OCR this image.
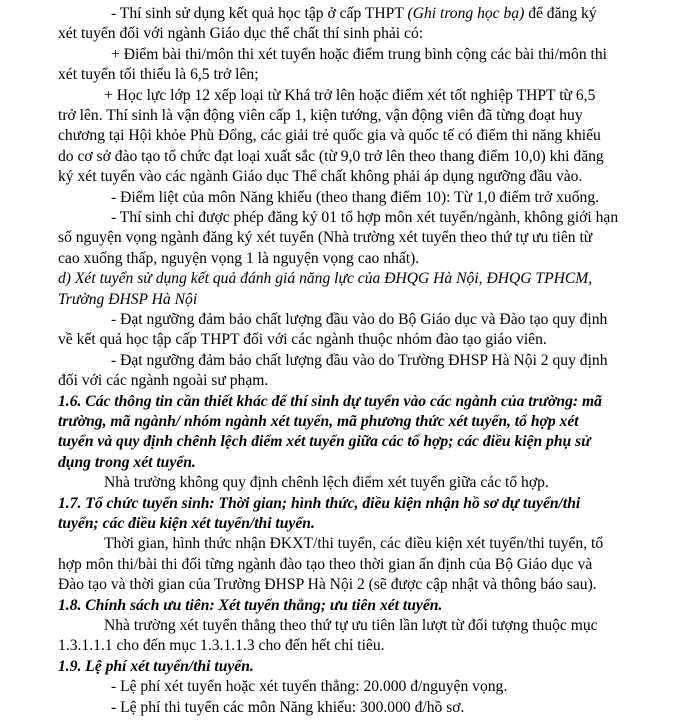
- Thí sinh sử dụng kết quả học tập ở cấp THPT (Ghi trong học bạ) để đăng ký
xét tuyển đối với ngành Giáo dục thể chất thí sinh phải có:
+ Điểm bài thi/môn thi xét tuyển hoặc điểm trung bình cộng các bài thi/môn thi
xét tuyển tối thiểu là 6,5 trở lên;
+ Học lực lớp 12 xếp loại từ Khá trở lên hoặc điểm xét tốt nghiệp THPT từ 6,5
trở lên. Thí sinh là vận động viên cấp 1, kiện tướng, vận động viên đã từng đoạt huy
chương tại Hội khỏe Phù Đổng, các giải trẻ quốc gia và quốc tế có điểm thi năng khiếu
do cơ sở đào tạo tổ chức đạt loại xuất sắc (từ 9,0 trở lên theo thang điểm 10,0) khi đăng
ký xét tuyển vào các ngành Giáo dục Thể chất không phải áp dụng ngưỡng đầu vào.
- Điểm liệt của môn Năng khiếu (theo thang điểm 10): Từ 1,0 điểm trở xuống.
- Thí sinh chỉ được phép đăng ký 01 tổ hợp môn xét tuyển/ngành, không giới hạn
số nguyện vọng ngành đăng ký xét tuyển (Nhà trường xét tuyển theo thứ tự ưu tiên từ
cao xuống thấp, nguyện vọng 1 là nguyện vọng cao nhất).
d) Xét tuyển sử dụng kết quả đánh giá năng lực của ĐHQG Hà Nội, ĐHQG TPHCM,
Trường ĐHSP Hà Nội
- Đạt ngưỡng đảm bảo chất lượng đầu vào do Bộ Giáo dục và Đào tạo quy định
về kết quả học tập cấp THPT đối với các ngành thuộc nhóm đào tạo giáo viên.
- Đạt ngưỡng đảm bảo chất lượng đầu vào do Trường ĐHSP Hà Nội 2 quy định
đối với các ngành ngoài sư phạm.
1.6. Các thông tin cần thiết khác để thí sinh dự tuyển vào các ngành của trường: mã
trường, mã ngành/ nhóm ngành xét tuyển, mã phương thức xét tuyển, tổ hợp xét
tuyển và quy định chênh lệch điểm xét tuyển giữa các tổ hợp; các điều kiện phụ sử
dụng trong xét tuyển.
Nhà trường không quy định chênh lệch điểm xét tuyển giữa các tổ hợp.
1.7. Tổ chức tuyển sinh: Thời gian; hình thức, điều kiện nhận hồ sơ dự tuyển/thi
tuyển; các điều kiện xét tuyển/thi tuyển.
Thời gian, hình thức nhận ĐKXT/thi tuyển, các điều kiện xét tuyển/thi tuyển, tổ
hợp môn thi/bài thi đối từng ngành đào tạo theo thời gian ấn định của Bộ Giáo dục và
Đào tạo và thời gian của Trường ĐHSP Hà Nội 2 (sẽ được cập nhật và thông báo sau).
1.8. Chính sách ưu tiên: Xét tuyển thẳng; ưu tiên xét tuyển.
Nhà trường xét tuyển thẳng theo thứ tự ưu tiên lần lượt từ đối tượng thuộc mục
1.3.1.1.1 cho đến mục 1.3.1.1.3 cho đến hết chỉ tiêu.
1.9. Lệ phí xét tuyển/thi tuyển.
- Lệ phí xét tuyển hoặc xét tuyển thẳng: 20.000 đ/nguyện vọng.
- Lệ phí thi tuyển các môn Năng khiếu: 300.000 đ/hồ sơ.
